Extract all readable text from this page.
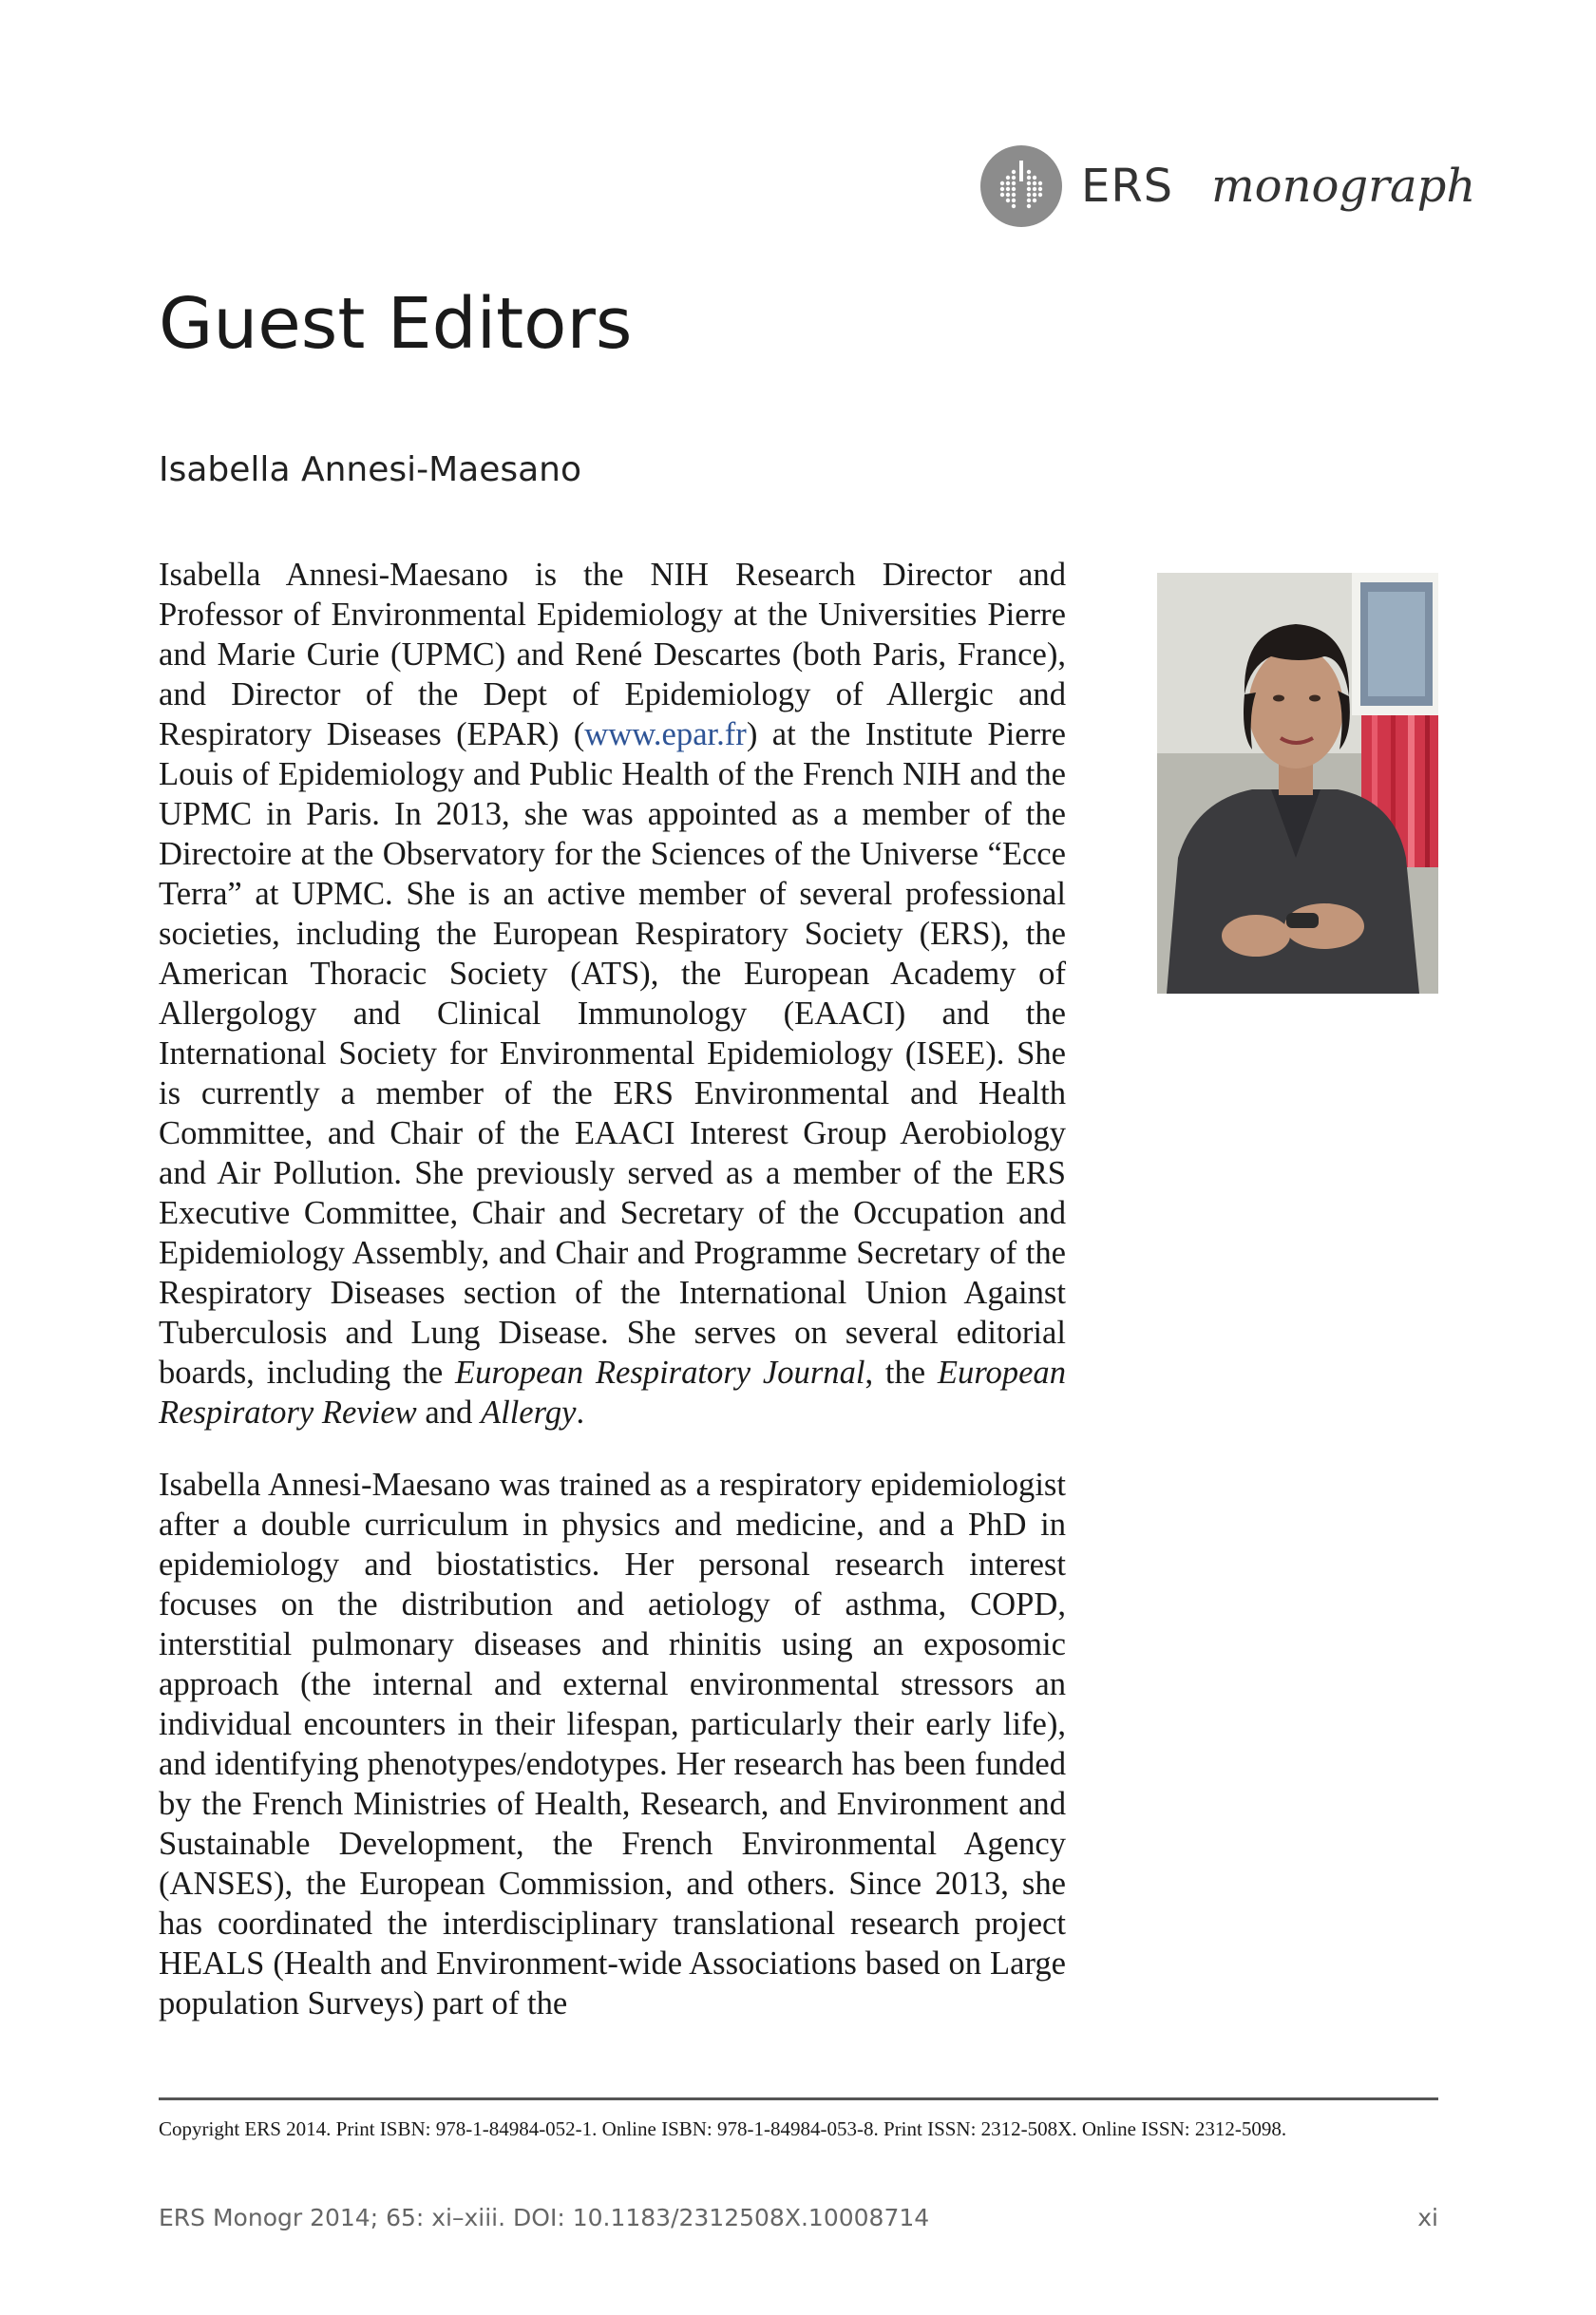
ERS monograph
Guest Editors
Isabella Annesi-Maesano

Isabella Annesi-Maesano is the NIH Research Director and Professor of Environmental Epidemiology at the Universities Pierre and Marie Curie (UPMC) and René Descartes (both Paris, France), and Director of the Dept of Epidemiology of Allergic and Respiratory Diseases (EPAR) (www.epar.fr) at the Institute Pierre Louis of Epidemiology and Public Health of the French NIH and the UPMC in Paris. In 2013, she was appointed as a member of the Directoire at the Observatory for the Sciences of the Universe “Ecce Terra” at UPMC. She is an active member of several professional societies, including the European Respiratory Society (ERS), the American Thoracic Society (ATS), the European Academy of Allergology and Clinical Immunology (EAACI) and the International Society for Environmental Epidemiology (ISEE). She is currently a member of the ERS Environmental and Health Committee, and Chair of the EAACI Interest Group Aerobiology and Air Pollution. She previously served as a member of the ERS Executive Committee, Chair and Secretary of the Occupation and Epidemiology Assembly, and Chair and Programme Secretary of the Respiratory Diseases section of the International Union Against Tuberculosis and Lung Disease. She serves on several editorial boards, including the European Respiratory Journal, the European Respiratory Review and Allergy.

Isabella Annesi-Maesano was trained as a respiratory epidemiologist after a double curriculum in physics and medicine, and a PhD in epidemiology and biostatistics. Her personal research interest focuses on the distribution and aetiology of asthma, COPD, interstitial pulmonary diseases and rhinitis using an exposomic approach (the internal and external environmental stressors an individual encounters in their lifespan, particularly their early life), and identifying phenotypes/endotypes. Her research has been funded by the French Ministries of Health, Research, and Environment and Sustainable Development, the French Environmental Agency (ANSES), the European Commission, and others. Since 2013, she has coordinated the interdisciplinary translational research project HEALS (Health and Environment-wide Associations based on Large population Surveys) part of the

Copyright ERS 2014. Print ISBN: 978-1-84984-052-1. Online ISBN: 978-1-84984-053-8. Print ISSN: 2312-508X. Online ISSN: 2312-5098.
ERS Monogr 2014; 65: xi–xiii. DOI: 10.1183/2312508X.10008714	xi
